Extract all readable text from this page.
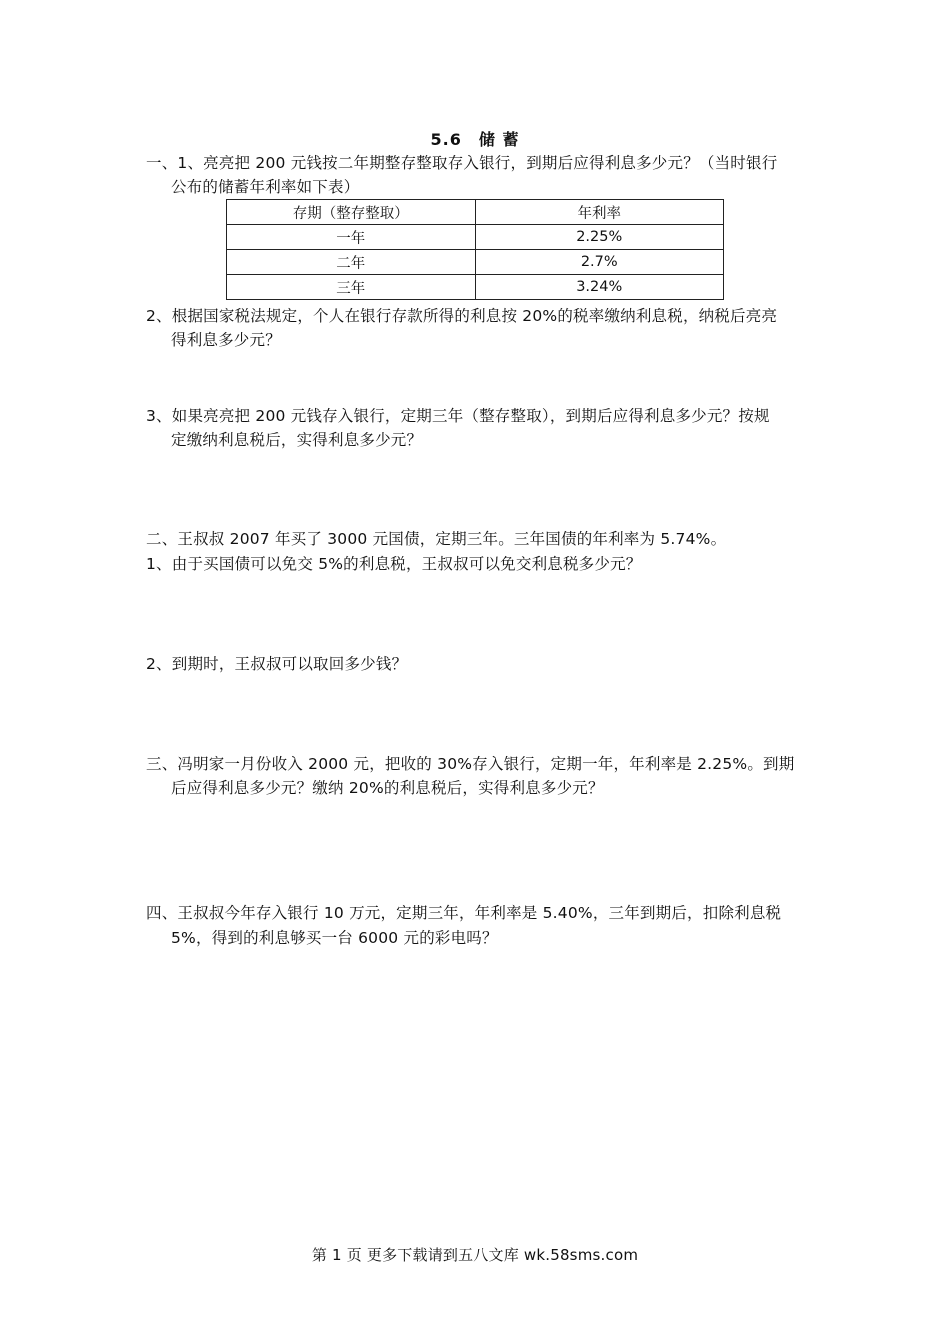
5.6　储 蓄
一、1、亮亮把 200 元钱按二年期整存整取存入银行，到期后应得利息多少元？（当时银行
公布的储蓄年利率如下表）
存期（整存整取）	年利率
一年	2.25%
二年	2.7%
三年	3.24%
2、根据国家税法规定，个人在银行存款所得的利息按 20%的税率缴纳利息税，纳税后亮亮
得利息多少元？
3、如果亮亮把 200 元钱存入银行，定期三年（整存整取），到期后应得利息多少元？按规
定缴纳利息税后，实得利息多少元？
二、王叔叔 2007 年买了 3000 元国债，定期三年。三年国债的年利率为 5.74%。
1、由于买国债可以免交 5%的利息税，王叔叔可以免交利息税多少元？
2、到期时，王叔叔可以取回多少钱？
三、冯明家一月份收入 2000 元，把收的 30%存入银行，定期一年，年利率是 2.25%。到期
后应得利息多少元？缴纳 20%的利息税后，实得利息多少元？
四、王叔叔今年存入银行 10 万元，定期三年，年利率是 5.40%，三年到期后，扣除利息税
5%，得到的利息够买一台 6000 元的彩电吗？
第 1 页 更多下载请到五八文库 wk.58sms.com
